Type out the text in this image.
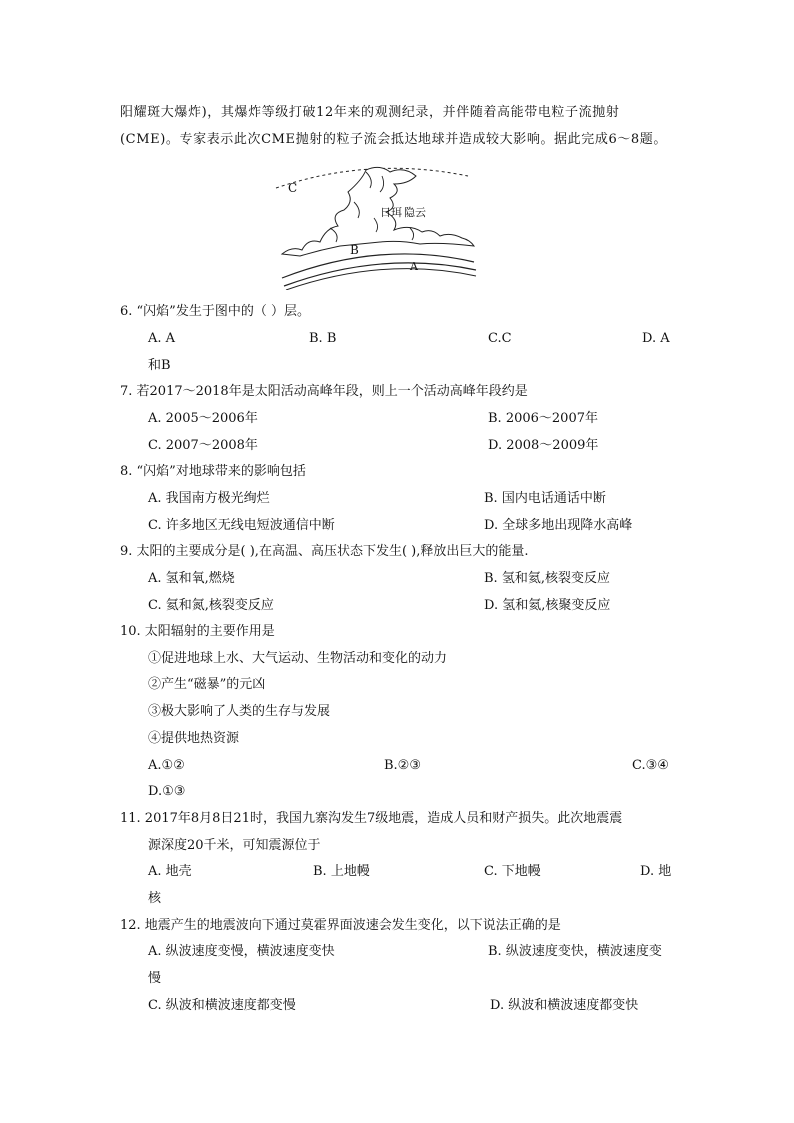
阳耀斑大爆炸)，其爆炸等级打破12年来的观测纪录，并伴随着高能带电粒子流抛射
(CME)。专家表示此次CME抛射的粒子流会抵达地球并造成较大影响。据此完成6～8题。
C
B
A
日珥 隐云
6. “闪焰”发生于图中的（ ）层。
A. A	B. B	C.C	D. A
和B
7. 若2017～2018年是太阳活动高峰年段，则上一个活动高峰年段约是
A. 2005～2006年	B. 2006～2007年
C. 2007～2008年	D. 2008～2009年
8. “闪焰”对地球带来的影响包括
A. 我国南方极光绚烂	B. 国内电话通话中断
C. 许多地区无线电短波通信中断	D. 全球多地出现降水高峰
9. 太阳的主要成分是( ),在高温、高压状态下发生( ),释放出巨大的能量.
A. 氢和氧,燃烧	B. 氢和氦,核裂变反应
C. 氦和氮,核裂变反应	D. 氢和氦,核聚变反应
10. 太阳辐射的主要作用是
①促进地球上水、大气运动、生物活动和变化的动力
②产生“磁暴”的元凶
③极大影响了人类的生存与发展
④提供地热资源
A.①②	B.②③	C.③④
D.①③
11. 2017年8月8日21时，我国九寨沟发生7级地震，造成人员和财产损失。此次地震震
源深度20千米，可知震源位于
A. 地壳	B. 上地幔	C. 下地幔	D. 地
核
12. 地震产生的地震波向下通过莫霍界面波速会发生变化，以下说法正确的是
A. 纵波速度变慢，横波速度变快	B. 纵波速度变快，横波速度变
慢
C. 纵波和横波速度都变慢	D. 纵波和横波速度都变快
